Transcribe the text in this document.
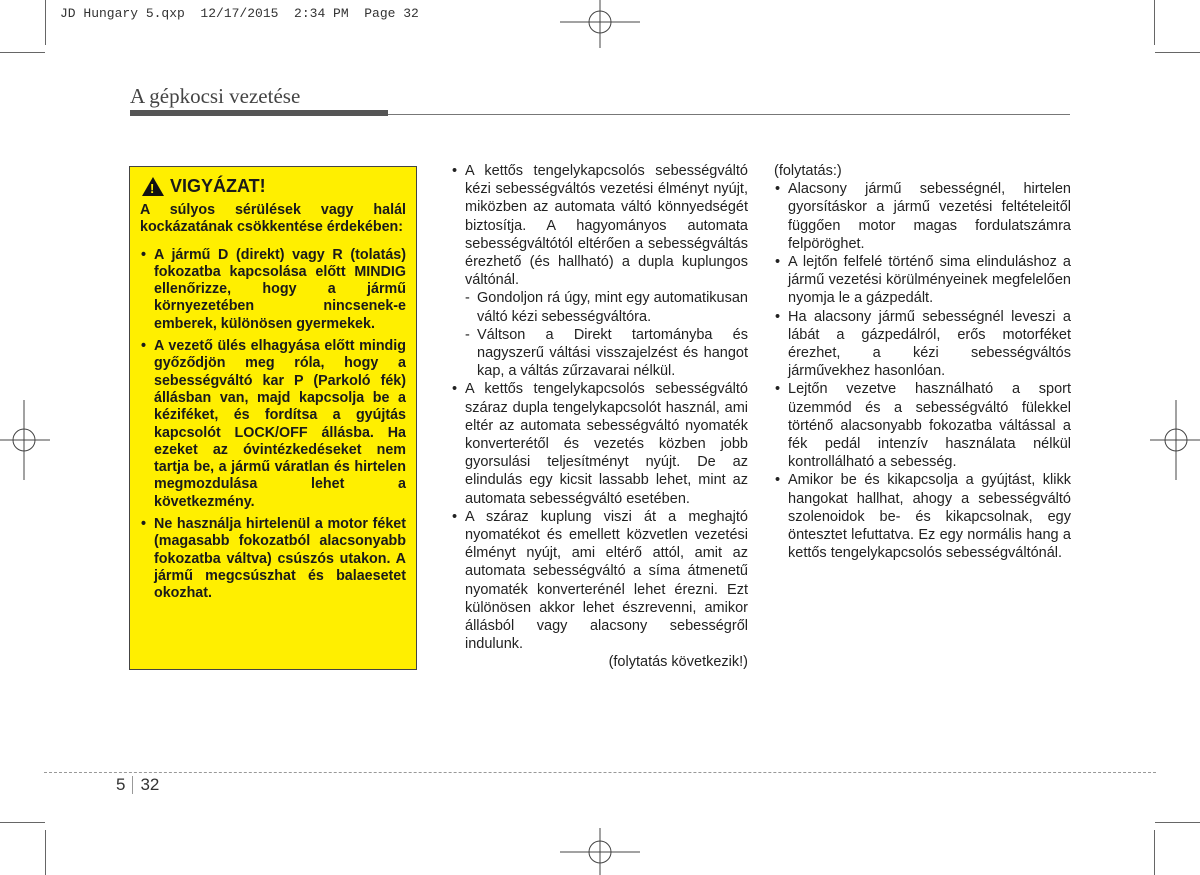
JD Hungary 5.qxp  12/17/2015  2:34 PM  Page 32
A gépkocsi vezetése
!
VIGYÁZAT!
A súlyos sérülések vagy halál kockázatának csökkentése érdekében:
• A jármű D (direkt) vagy R (tolatás) fokozatba kapcsolása előtt MINDIG ellenőrizze, hogy a jármű környezetében nincsenek-e emberek, különösen gyermekek.
• A vezető ülés elhagyása előtt mindig győződjön meg róla, hogy a sebességváltó kar P (Parkoló fék) állásban van, majd kapcsolja be a kéziféket, és fordítsa a gyújtás kapcsolót LOCK/OFF állásba. Ha ezeket az óvintézkedéseket nem tartja be, a jármű váratlan és hirtelen megmozdulása lehet a következmény.
• Ne használja hirtelenül a motor féket (magasabb fokozatból alacsonyabb fokozatba váltva) csúszós utakon. A jármű megcsúszhat és balaesetet okozhat.
• A kettős tengelykapcsolós sebességváltó kézi sebességváltós vezetési élményt nyújt, miközben az automata váltó könnyedségét biztosítja. A hagyományos automata sebességváltótól eltérően a sebességváltás érezhető (és hallható) a dupla kuplungos váltónál.
- Gondoljon rá úgy, mint egy automatikusan váltó kézi sebességváltóra.
- Váltson a Direkt tartományba és nagyszerű váltási visszajelzést és hangot kap, a váltás zűrzavarai nélkül.
• A kettős tengelykapcsolós sebességváltó száraz dupla tengelykapcsolót használ, ami eltér az automata sebességváltó nyomaték konverterétől és vezetés közben jobb gyorsulási teljesítményt nyújt. De az elindulás egy kicsit lassabb lehet, mint az automata sebességváltó esetében.
• A száraz kuplung viszi át a meghajtó nyomatékot és emellett közvetlen vezetési élményt nyújt, ami eltérő attól, amit az automata sebességváltó a síma átmenetű nyomaték konverterénél lehet érezni. Ezt különösen akkor lehet észrevenni, amikor állásból vagy alacsony sebességről indulunk.
(folytatás következik!)
(folytatás:)
• Alacsony jármű sebességnél, hirtelen gyorsításkor a jármű vezetési feltételeitől függően motor magas fordulatszámra felpöröghet.
• A lejtőn felfelé történő sima elinduláshoz a jármű vezetési körülményeinek megfelelően nyomja le a gázpedált.
• Ha alacsony jármű sebességnél leveszi a lábát a gázpedálról, erős motorféket érezhet, a kézi sebességváltós járművekhez hasonlóan.
• Lejtőn vezetve használható a sport üzemmód és a sebességváltó fülekkel történő alacsonyabb fokozatba váltással a fék pedál intenzív használata nélkül kontrollálható a sebesség.
• Amikor be és kikapcsolja a gyújtást, klikk hangokat hallhat, ahogy a sebességváltó szolenoidok be- és kikapcsolnak, egy öntesztet lefuttatva. Ez egy normális hang a kettős tengelykapcsolós sebességváltónál.
5 32
